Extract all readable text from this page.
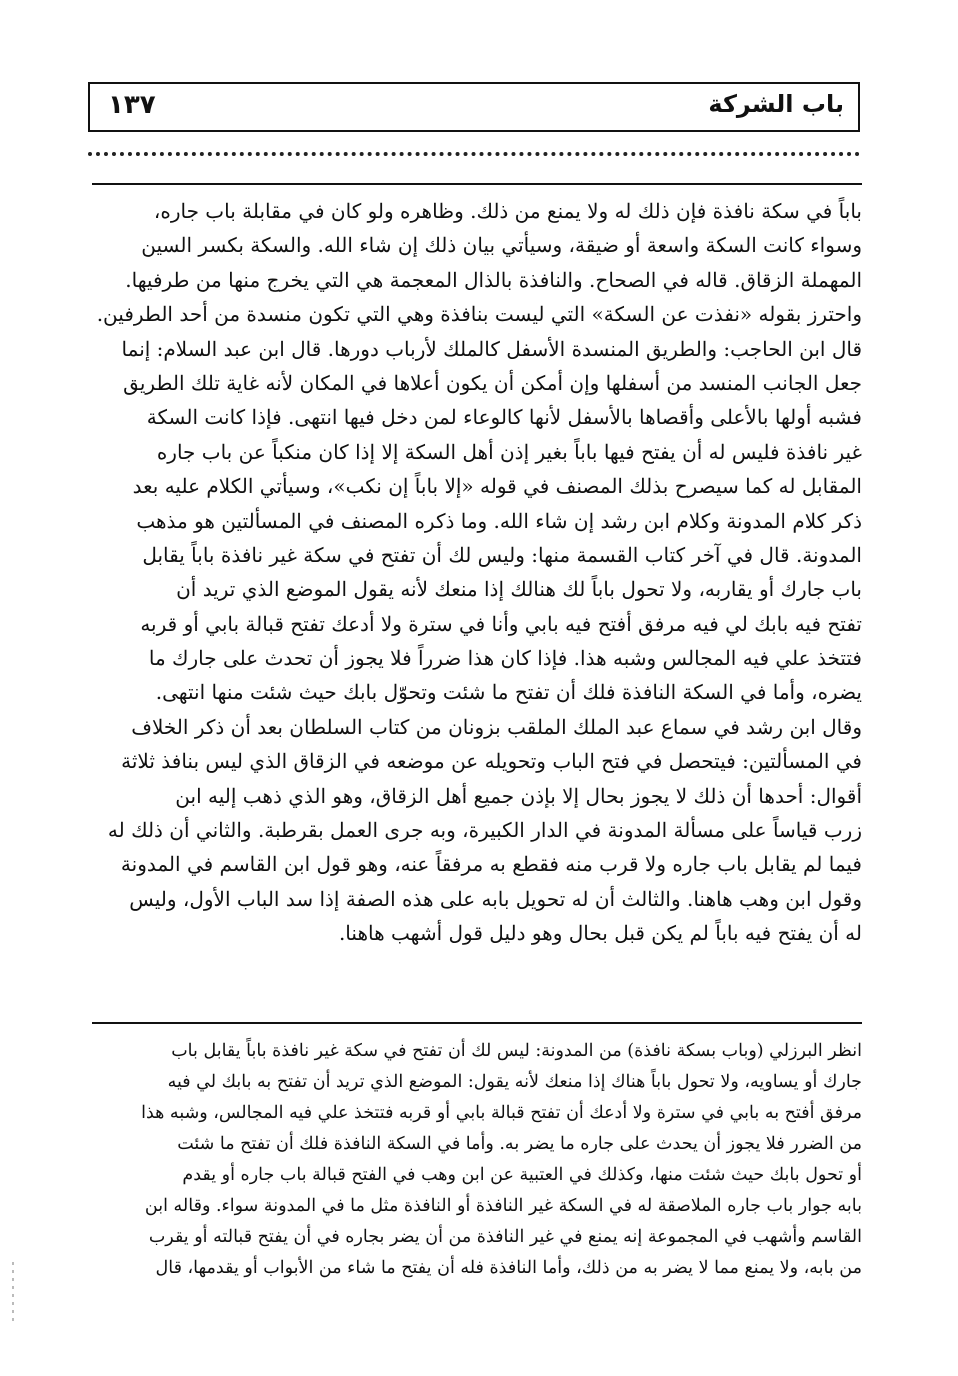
باب الشركة
١٣٧
باباً في سكة نافذة فإن ذلك له ولا يمنع من ذلك. وظاهره ولو كان في مقابلة باب جاره،
وسواء كانت السكة واسعة أو ضيقة، وسيأتي بيان ذلك إن شاء الله. والسكة بكسر السين
المهملة الزقاق. قاله في الصحاح. والنافذة بالذال المعجمة هي التي يخرج منها من طرفيها.
واحترز بقوله «نفذت عن السكة» التي ليست بنافذة وهي التي تكون منسدة من أحد الطرفين.
قال ابن الحاجب: والطريق المنسدة الأسفل كالملك لأرباب دورها. قال ابن عبد السلام: إنما
جعل الجانب المنسد من أسفلها وإن أمكن أن يكون أعلاها في المكان لأنه غاية تلك الطريق
فشبه أولها بالأعلى وأقصاها بالأسفل لأنها كالوعاء لمن دخل فيها انتهى. فإذا كانت السكة
غير نافذة فليس له أن يفتح فيها باباً بغير إذن أهل السكة إلا إذا كان منكباً عن باب جاره
المقابل له كما سيصرح بذلك المصنف في قوله «إلا باباً إن نكب»، وسيأتي الكلام عليه بعد
ذكر كلام المدونة وكلام ابن رشد إن شاء الله. وما ذكره المصنف في المسألتين هو مذهب
المدونة. قال في آخر كتاب القسمة منها: وليس لك أن تفتح في سكة غير نافذة باباً يقابل
باب جارك أو يقاربه، ولا تحول باباً لك هنالك إذا منعك لأنه يقول الموضع الذي تريد أن
تفتح فيه بابك لي فيه مرفق أفتح فيه بابي وأنا في سترة ولا أدعك تفتح قبالة بابي أو قربه
فتتخذ علي فيه المجالس وشبه هذا. فإذا كان هذا ضرراً فلا يجوز أن تحدث على جارك ما
يضره، وأما في السكة النافذة فلك أن تفتح ما شئت وتحوّل بابك حيث شئت منها انتهى.
وقال ابن رشد في سماع عبد الملك الملقب بزونان من كتاب السلطان بعد أن ذكر الخلاف
في المسألتين: فيتحصل في فتح الباب وتحويله عن موضعه في الزقاق الذي ليس بنافذ ثلاثة
أقوال: أحدها أن ذلك لا يجوز بحال إلا بإذن جميع أهل الزقاق، وهو الذي ذهب إليه ابن
زرب قياساً على مسألة المدونة في الدار الكبيرة، وبه جرى العمل بقرطبة. والثاني أن ذلك له
فيما لم يقابل باب جاره ولا قرب منه فقطع به مرفقاً عنه، وهو قول ابن القاسم في المدونة
وقول ابن وهب هاهنا. والثالث أن له تحويل بابه على هذه الصفة إذا سد الباب الأول، وليس
له أن يفتح فيه باباً لم يكن قبل بحال وهو دليل قول أشهب هاهنا.
انظر البرزلي (وباب بسكة نافذة) من المدونة: ليس لك أن تفتح في سكة غير نافذة باباً يقابل باب
جارك أو يساويه، ولا تحول باباً هناك إذا منعك لأنه يقول: الموضع الذي تريد أن تفتح به بابك لي فيه
مرفق أفتح به بابي في سترة ولا أدعك أن تفتح قبالة بابي أو قربه فتتخذ علي فيه المجالس، وشبه هذا
من الضرر فلا يجوز أن يحدث على جاره ما يضر به. وأما في السكة النافذة فلك أن تفتح ما شئت
أو تحول بابك حيث شئت منها، وكذلك في العتبية عن ابن وهب في الفتح قبالة باب جاره أو يقدم
بابه جوار باب جاره الملاصقة له في السكة غير النافذة أو النافذة مثل ما في المدونة سواء. وقاله ابن
القاسم وأشهب في المجموعة إنه يمنع في غير النافذة من أن يضر بجاره في أن يفتح قبالته أو يقرب
من بابه، ولا يمنع مما لا يضر به من ذلك، وأما النافذة فله أن يفتح ما شاء من الأبواب أو يقدمها، قال
